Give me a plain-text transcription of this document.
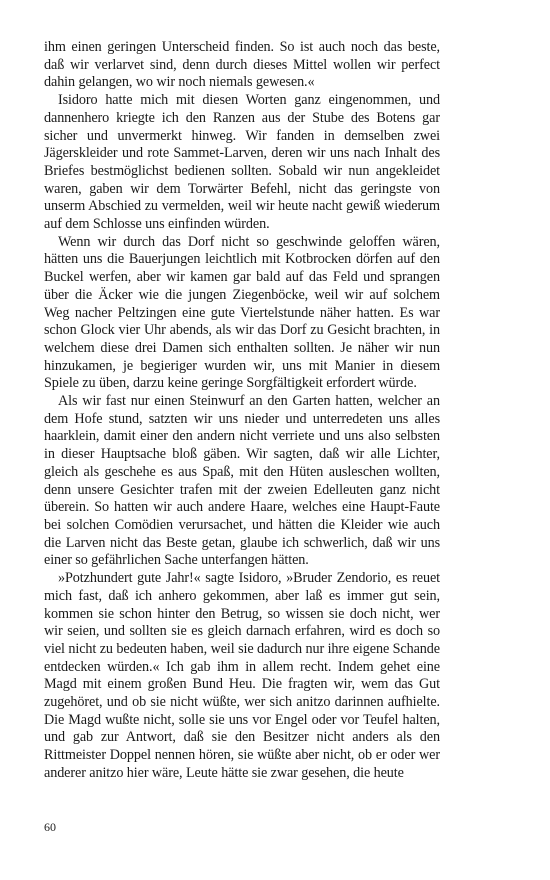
ihm einen geringen Unterscheid finden. So ist auch noch das beste, daß wir verlarvet sind, denn durch dieses Mittel wollen wir perfect dahin gelangen, wo wir noch niemals gewesen.«

Isidoro hatte mich mit diesen Worten ganz eingenommen, und dannenhero kriegte ich den Ranzen aus der Stube des Botens gar sicher und unvermerkt hinweg. Wir fanden in demselben zwei Jägerskleider und rote Sammet-Larven, deren wir uns nach Inhalt des Briefes bestmöglichst bedienen sollten. Sobald wir nun angekleidet waren, gaben wir dem Torwärter Befehl, nicht das geringste von unserm Abschied zu vermelden, weil wir heute nacht gewiß wiederum auf dem Schlosse uns einfinden würden.

Wenn wir durch das Dorf nicht so geschwinde geloffen wären, hätten uns die Bauerjungen leichtlich mit Kotbrocken dörfen auf den Buckel werfen, aber wir kamen gar bald auf das Feld und sprangen über die Äcker wie die jungen Ziegenböcke, weil wir auf solchem Weg nacher Peltzingen eine gute Viertelstunde näher hatten. Es war schon Glock vier Uhr abends, als wir das Dorf zu Gesicht brachten, in welchem diese drei Damen sich enthalten sollten. Je näher wir nun hinzukamen, je begieriger wurden wir, uns mit Manier in diesem Spiele zu üben, darzu keine geringe Sorgfältigkeit erfordert würde.

Als wir fast nur einen Steinwurf an den Garten hatten, welcher an dem Hofe stund, satzten wir uns nieder und unterredeten uns alles haarklein, damit einer den andern nicht verriete und uns also selbsten in dieser Hauptsache bloß gäben. Wir sagten, daß wir alle Lichter, gleich als geschehe es aus Spaß, mit den Hüten ausleschen wollten, denn unsere Gesichter trafen mit der zweien Edelleuten ganz nicht überein. So hatten wir auch andere Haare, welches eine Haupt-Faute bei solchen Comödien verursachet, und hätten die Kleider wie auch die Larven nicht das Beste getan, glaube ich schwerlich, daß wir uns einer so gefährlichen Sache unterfangen hätten.

»Potzhundert gute Jahr!« sagte Isidoro, »Bruder Zendorio, es reuet mich fast, daß ich anhero gekommen, aber laß es immer gut sein, kommen sie schon hinter den Betrug, so wissen sie doch nicht, wer wir seien, und sollten sie es gleich darnach erfahren, wird es doch so viel nicht zu bedeuten haben, weil sie dadurch nur ihre eigene Schande entdecken würden.« Ich gab ihm in allem recht. Indem gehet eine Magd mit einem großen Bund Heu. Die fragten wir, wem das Gut zugehöret, und ob sie nicht wüßte, wer sich anitzo darinnen aufhielte. Die Magd wußte nicht, solle sie uns vor Engel oder vor Teufel halten, und gab zur Antwort, daß sie den Besitzer nicht anders als den Rittmeister Doppel nennen hören, sie wüßte aber nicht, ob er oder wer anderer anitzo hier wäre, Leute hätte sie zwar gesehen, die heute

60
